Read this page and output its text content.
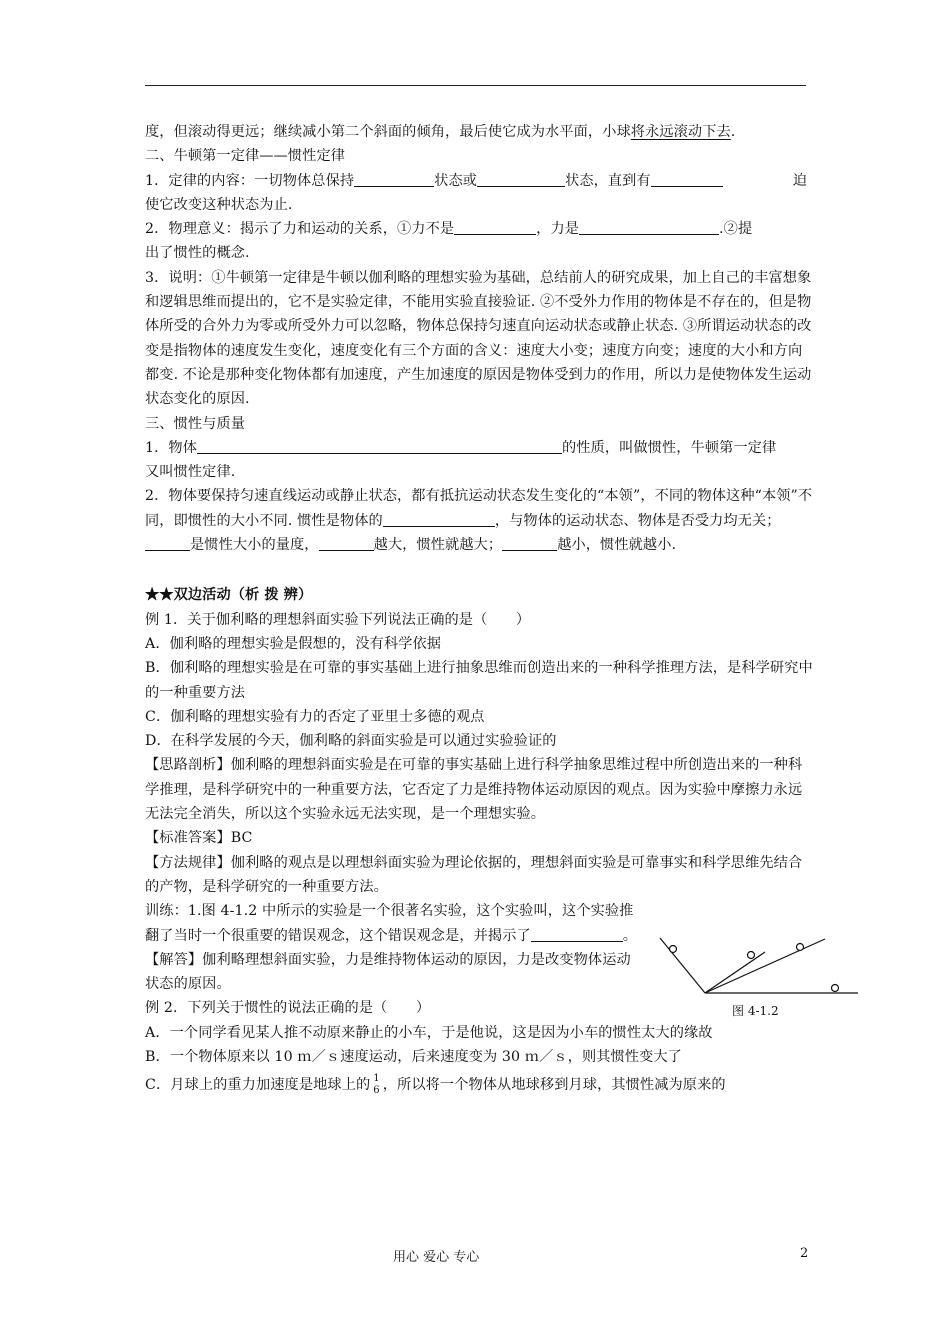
度，但滚动得更远；继续减小第二个斜面的倾角，最后使它成为水平面，小球将永远滚动下去.

二、牛顿第一定律——惯性定律

1．定律的内容：一切物体总保持	状态或	状态，直到有	迫

使它改变这种状态为止.

2．物理意义：揭示了力和运动的关系，①力不是	，力是	.②提

出了惯性的概念.

3．说明：①牛顿第一定律是牛顿以伽利略的理想实验为基础，总结前人的研究成果，加上自己的丰富想象和逻辑思维而提出的，它不是实验定律，不能用实验直接验证. ②不受外力作用的物体是不存在的，但是物体所受的合外力为零或所受外力可以忽略，物体总保持匀速直向运动状态或静止状态. ③所谓运动状态的改变是指物体的速度发生变化，速度变化有三个方面的含义：速度大小变；速度方向变；速度的大小和方向都变. 不论是那种变化物体都有加速度，产生加速度的原因是物体受到力的作用，所以力是使物体发生运动状态变化的原因.

三、惯性与质量

1．物体	的性质，叫做惯性，牛顿第一定律

又叫惯性定律.

2．物体要保持匀速直线运动或静止状态，都有抵抗运动状态发生变化的“本领”，不同的物体这种“本领”不同，即惯性的大小不同. 惯性是物体的	，与物体的运动状态、物体是否受力均无关；是惯性大小的量度，	越大，惯性就越大；	越小，惯性就越小.

★★双边活动（析 拨 辨）

例 1．关于伽利略的理想斜面实验下列说法正确的是（　　）

A．伽利略的理想实验是假想的，没有科学依据

B．伽利略的理想实验是在可靠的事实基础上进行抽象思维而创造出来的一种科学推理方法，是科学研究中的一种重要方法

C．伽利略的理想实验有力的否定了亚里士多德的观点

D．在科学发展的今天，伽利略的斜面实验是可以通过实验验证的

【思路剖析】伽利略的理想斜面实验是在可靠的事实基础上进行科学抽象思维过程中所创造出来的一种科学推理，是科学研究中的一种重要方法，它否定了力是维持物体运动原因的观点。因为实验中摩擦力永远无法完全消失，所以这个实验永远无法实现，是一个理想实验。

【标准答案】BC

【方法规律】伽利略的观点是以理想斜面实验为理论依据的，理想斜面实验是可靠事实和科学思维先结合的产物，是科学研究的一种重要方法。

训练：1.图 4-1.2 中所示的实验是一个很著名实验，这个实验叫，这个实验推翻了当时一个很重要的错误观念，这个错误观念是，并揭示了	。

【解答】伽利略理想斜面实验，力是维持物体运动的原因，力是改变物体运动状态的原因。

例 2．下列关于惯性的说法正确的是（　　）

A．一个同学看见某人推不动原来静止的小车，于是他说，这是因为小车的惯性太大的缘故

B．一个物体原来以 10 ｍ／ｓ速度运动，后来速度变为 30 ｍ／ｓ，则其惯性变大了

C．月球上的重力加速度是地球上的 1
6 ，所以将一个物体从地球移到月球，其惯性减为原来的

图 4-1.2
用心 爱心 专心	2
